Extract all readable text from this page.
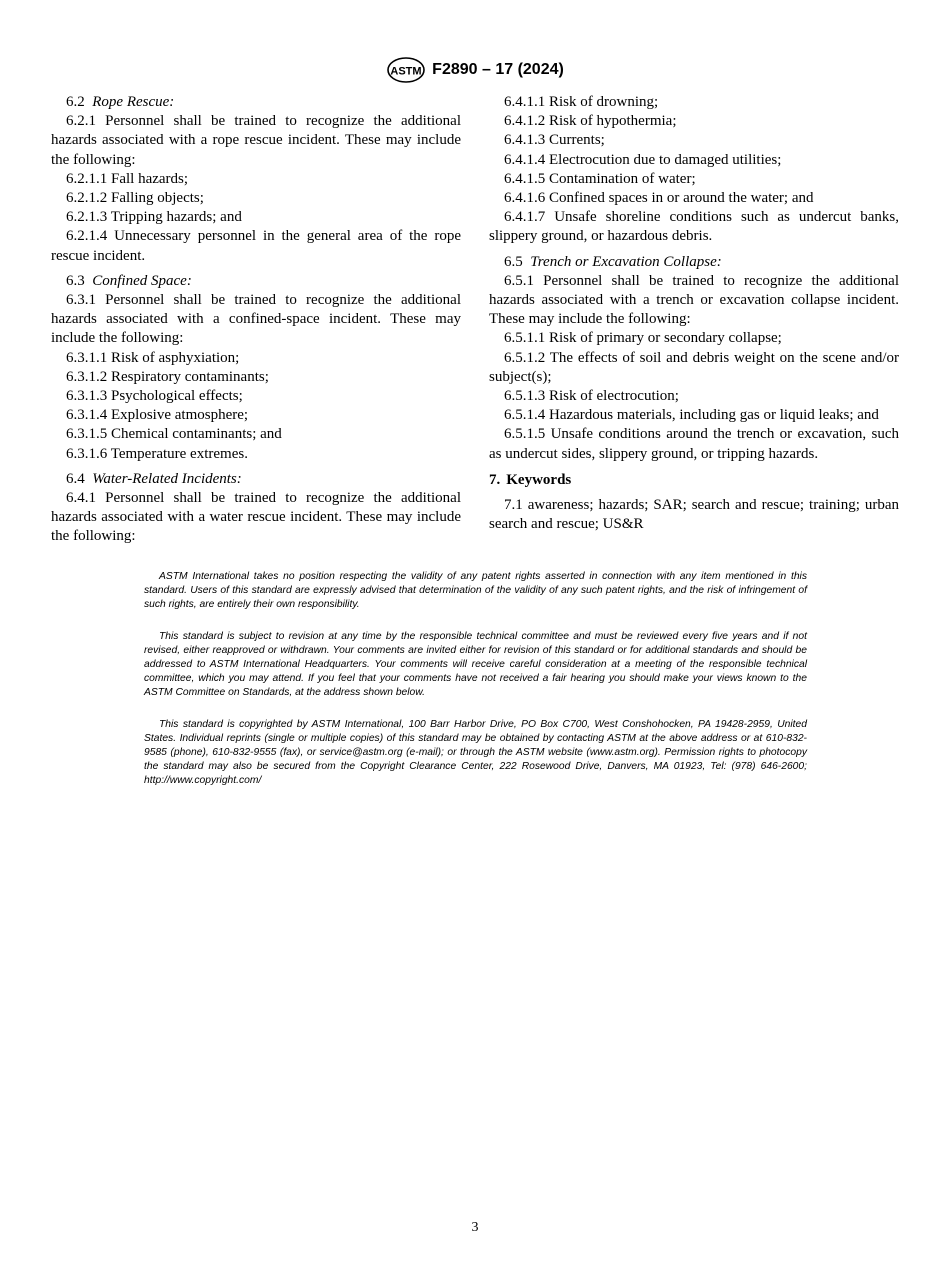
ASTM F2890 – 17 (2024)

6.2 Rope Rescue:

6.2.1 Personnel shall be trained to recognize the additional hazards associated with a rope rescue incident. These may include the following:

6.2.1.1 Fall hazards;

6.2.1.2 Falling objects;

6.2.1.3 Tripping hazards; and

6.2.1.4 Unnecessary personnel in the general area of the rope rescue incident.

6.3 Confined Space:

6.3.1 Personnel shall be trained to recognize the additional hazards associated with a confined-space incident. These may include the following:

6.3.1.1 Risk of asphyxiation;

6.3.1.2 Respiratory contaminants;

6.3.1.3 Psychological effects;

6.3.1.4 Explosive atmosphere;

6.3.1.5 Chemical contaminants; and

6.3.1.6 Temperature extremes.

6.4 Water-Related Incidents:

6.4.1 Personnel shall be trained to recognize the additional hazards associated with a water rescue incident. These may include the following:

6.4.1.1 Risk of drowning;

6.4.1.2 Risk of hypothermia;

6.4.1.3 Currents;

6.4.1.4 Electrocution due to damaged utilities;

6.4.1.5 Contamination of water;

6.4.1.6 Confined spaces in or around the water; and

6.4.1.7 Unsafe shoreline conditions such as undercut banks, slippery ground, or hazardous debris.

6.5 Trench or Excavation Collapse:

6.5.1 Personnel shall be trained to recognize the additional hazards associated with a trench or excavation collapse incident. These may include the following:

6.5.1.1 Risk of primary or secondary collapse;

6.5.1.2 The effects of soil and debris weight on the scene and/or subject(s);

6.5.1.3 Risk of electrocution;

6.5.1.4 Hazardous materials, including gas or liquid leaks; and

6.5.1.5 Unsafe conditions around the trench or excavation, such as undercut sides, slippery ground, or tripping hazards.

7. Keywords

7.1 awareness; hazards; SAR; search and rescue; training; urban search and rescue; US&R

ASTM International takes no position respecting the validity of any patent rights asserted in connection with any item mentioned in this standard. Users of this standard are expressly advised that determination of the validity of any such patent rights, and the risk of infringement of such rights, are entirely their own responsibility.

This standard is subject to revision at any time by the responsible technical committee and must be reviewed every five years and if not revised, either reapproved or withdrawn. Your comments are invited either for revision of this standard or for additional standards and should be addressed to ASTM International Headquarters. Your comments will receive careful consideration at a meeting of the responsible technical committee, which you may attend. If you feel that your comments have not received a fair hearing you should make your views known to the ASTM Committee on Standards, at the address shown below.

This standard is copyrighted by ASTM International, 100 Barr Harbor Drive, PO Box C700, West Conshohocken, PA 19428-2959, United States. Individual reprints (single or multiple copies) of this standard may be obtained by contacting ASTM at the above address or at 610-832-9585 (phone), 610-832-9555 (fax), or service@astm.org (e-mail); or through the ASTM website (www.astm.org). Permission rights to photocopy the standard may also be secured from the Copyright Clearance Center, 222 Rosewood Drive, Danvers, MA 01923, Tel: (978) 646-2600; http://www.copyright.com/

3
